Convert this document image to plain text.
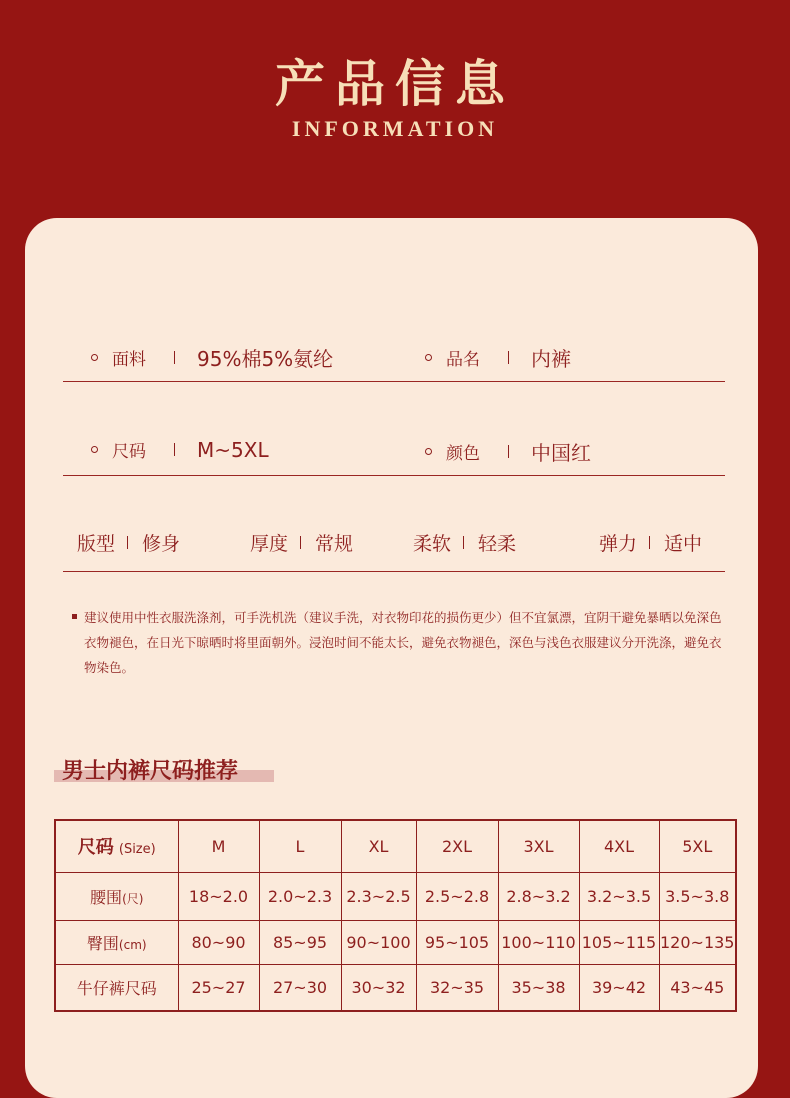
产品信息
INFORMATION
面料	95%棉5%氨纶	品名	内裤
尺码	M~5XL	颜色	中国红
版型 修身	厚度 常规	柔软 轻柔	弹力 适中
建议使用中性衣服洗涤剂，可手洗机洗（建议手洗，对衣物印花的损伤更少）但不宜氯漂，宜阴干避免暴晒以免深色衣物褪色，在日光下晾晒时将里面朝外。浸泡时间不能太长，避免衣物褪色，深色与浅色衣服建议分开洗涤，避免衣物染色。
男士内裤尺码推荐
尺码 (Size)	M	L	XL	2XL	3XL	4XL	5XL
腰围(尺)	18~2.0	2.0~2.3	2.3~2.5	2.5~2.8	2.8~3.2	3.2~3.5	3.5~3.8
臀围(cm)	80~90	85~95	90~100	95~105	100~110	105~115	120~135
牛仔裤尺码	25~27	27~30	30~32	32~35	35~38	39~42	43~45
